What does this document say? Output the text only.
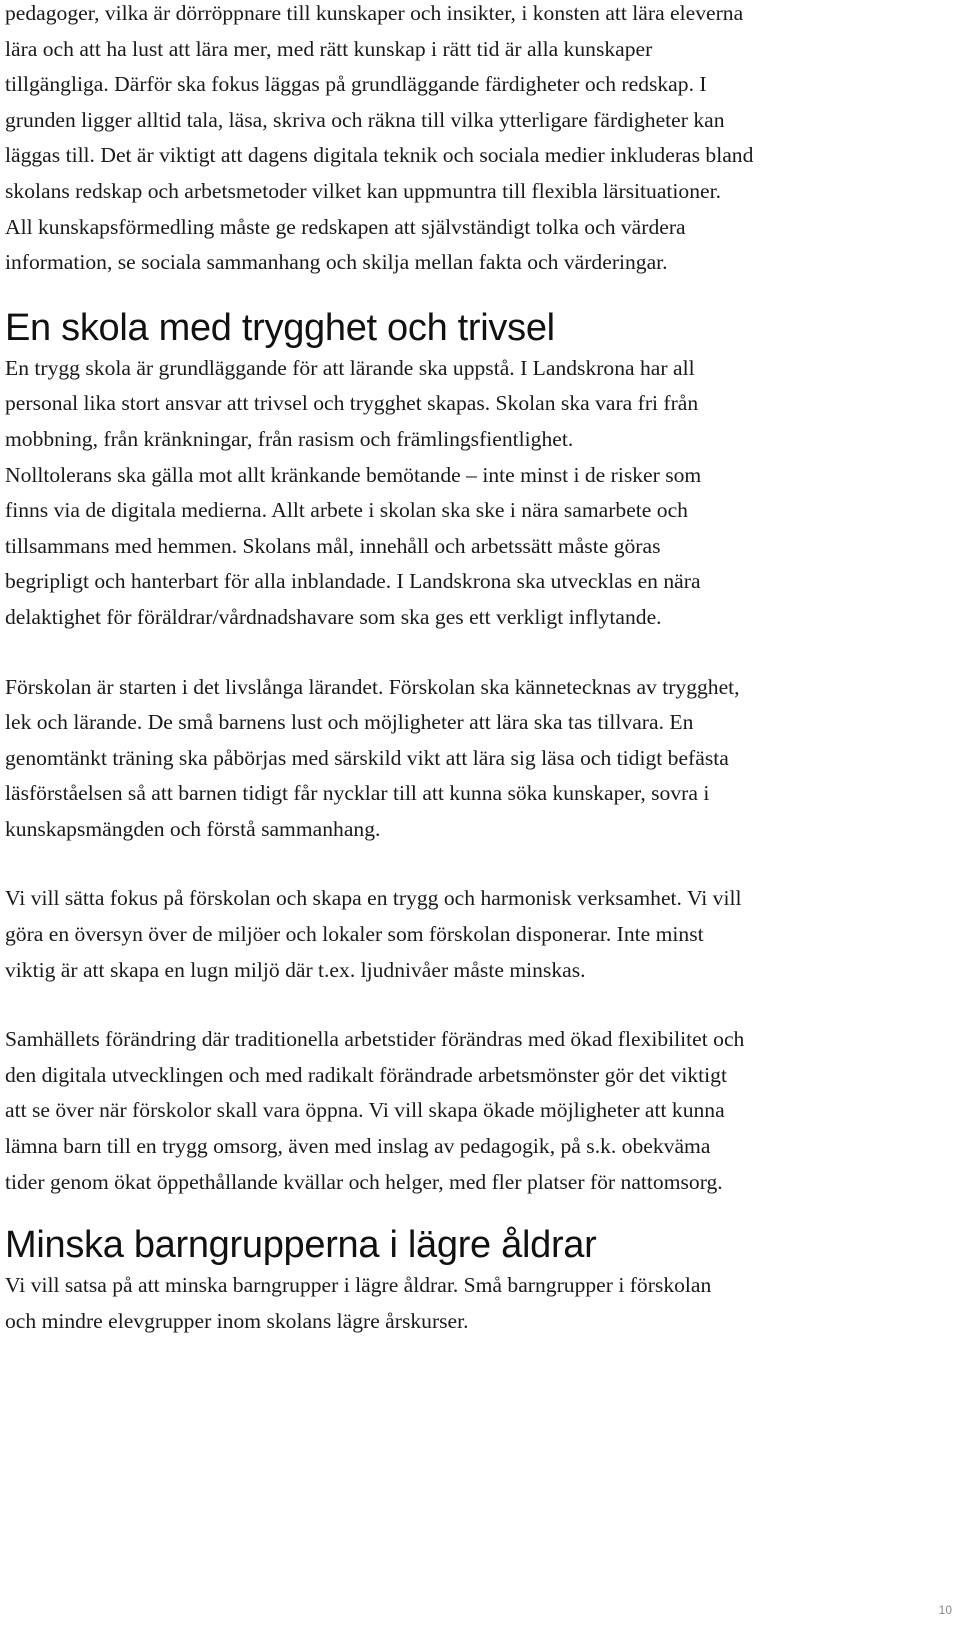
pedagoger, vilka är dörröppnare till kunskaper och insikter, i konsten att lära eleverna
lära och att ha lust att lära mer, med rätt kunskap i rätt tid är alla kunskaper
tillgängliga. Därför ska fokus läggas på grundläggande färdigheter och redskap. I
grunden ligger alltid tala, läsa, skriva och räkna till vilka ytterligare färdigheter kan
läggas till. Det är viktigt att dagens digitala teknik och sociala medier inkluderas bland
skolans redskap och arbetsmetoder vilket kan uppmuntra till flexibla lärsituationer.
All kunskapsförmedling måste ge redskapen att självständigt tolka och värdera
information, se sociala sammanhang och skilja mellan fakta och värderingar.

En skola med trygghet och trivsel

En trygg skola är grundläggande för att lärande ska uppstå. I Landskrona har all
personal lika stort ansvar att trivsel och trygghet skapas. Skolan ska vara fri från
mobbning, från kränkningar, från rasism och främlingsfientlighet.
Nolltolerans ska gälla mot allt kränkande bemötande – inte minst i de risker som
finns via de digitala medierna. Allt arbete i skolan ska ske i nära samarbete och
tillsammans med hemmen. Skolans mål, innehåll och arbetssätt måste göras
begripligt och hanterbart för alla inblandade. I Landskrona ska utvecklas en nära
delaktighet för föräldrar/vårdnadshavare som ska ges ett verkligt inflytande.

Förskolan är starten i det livslånga lärandet. Förskolan ska kännetecknas av trygghet,
lek och lärande. De små barnens lust och möjligheter att lära ska tas tillvara. En
genomtänkt träning ska påbörjas med särskild vikt att lära sig läsa och tidigt befästa
läsförståelsen så att barnen tidigt får nycklar till att kunna söka kunskaper, sovra i
kunskapsmängden och förstå sammanhang.

Vi vill sätta fokus på förskolan och skapa en trygg och harmonisk verksamhet. Vi vill
göra en översyn över de miljöer och lokaler som förskolan disponerar. Inte minst
viktig är att skapa en lugn miljö där t.ex. ljudnivåer måste minskas.

Samhällets förändring där traditionella arbetstider förändras med ökad flexibilitet och
den digitala utvecklingen och med radikalt förändrade arbetsmönster gör det viktigt
att se över när förskolor skall vara öppna. Vi vill skapa ökade möjligheter att kunna
lämna barn till en trygg omsorg, även med inslag av pedagogik, på s.k. obekväma
tider genom ökat öppethållande kvällar och helger, med fler platser för nattomsorg.

Minska barngrupperna i lägre åldrar

Vi vill satsa på att minska barngrupper i lägre åldrar. Små barngrupper i förskolan
och mindre elevgrupper inom skolans lägre årskurser.

10
